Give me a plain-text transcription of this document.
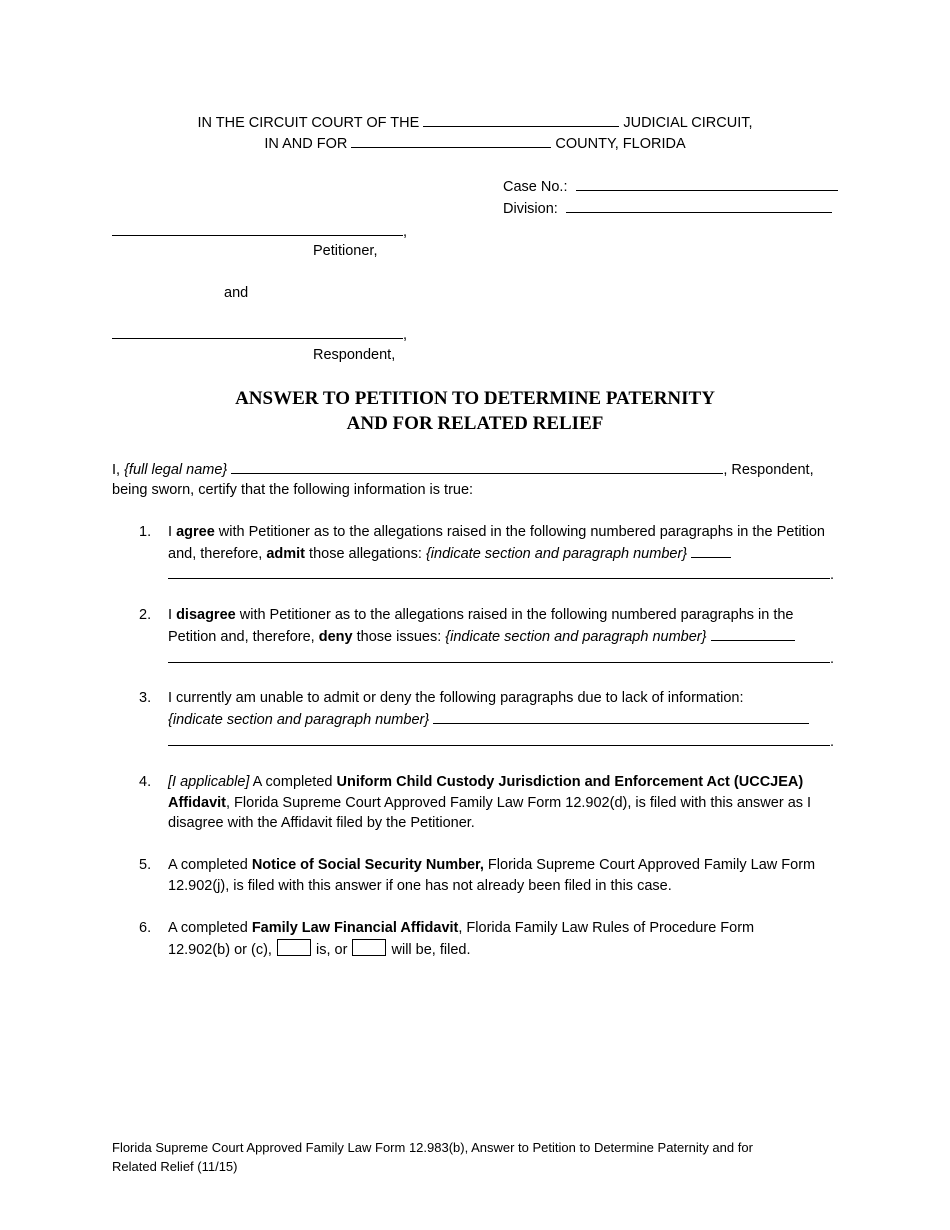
IN THE CIRCUIT COURT OF THE	JUDICIAL CIRCUIT,
IN AND FOR	COUNTY, FLORIDA
Case No.:
Division:
,
Petitioner,
and
,
Respondent,
ANSWER TO PETITION TO DETERMINE PATERNITY
AND FOR RELATED RELIEF
I, {full legal name}	, Respondent,
being sworn, certify that the following information is true:
1. I agree with Petitioner as to the allegations raised in the following numbered paragraphs in the Petition and, therefore, admit those allegations: {indicate section and paragraph number}
.
2. I disagree with Petitioner as to the allegations raised in the following numbered paragraphs in the Petition and, therefore, deny those issues: {indicate section and paragraph number}
.
3. I currently am unable to admit or deny the following paragraphs due to lack of information:
{indicate section and paragraph number}
.
4. [I applicable] A completed Uniform Child Custody Jurisdiction and Enforcement Act (UCCJEA) Affidavit, Florida Supreme Court Approved Family Law Form 12.902(d), is filed with this answer as I disagree with the Affidavit filed by the Petitioner.
5. A completed Notice of Social Security Number, Florida Supreme Court Approved Family Law Form 12.902(j), is filed with this answer if one has not already been filed in this case.
6. A completed Family Law Financial Affidavit, Florida Family Law Rules of Procedure Form
12.902(b) or (c),	is, or	will be, filed.
Florida Supreme Court Approved Family Law Form 12.983(b), Answer to Petition to Determine Paternity and for
Related Relief (11/15)
